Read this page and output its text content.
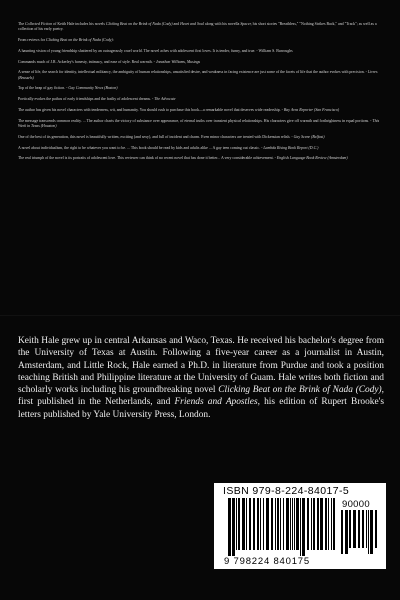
The Collected Fiction of Keith Hale includes his novels Clicking Beat on the Brink of Nada (Cody) and Heart and Soul along with his novella Spacer, his short stories "Breathless," "Nothing Strikes Back," and "Track"; as well as a collection of his early poetry.

From reviews for Clicking Beat on the Brink of Nada (Cody):

A haunting vision of young friendship shattered by an outrageously cruel world. The novel aches with adolescent first loves. It is tender, funny, and true. - William S. Burroughs

Commands much of J.R. Ackerley's honesty, intimacy, and ease of style. Real warmth. - Jonathan Williams, Musings

A sense of life, the search for identity, intellectual militancy, the ambiguity of human relationships, unsatisfied desire, and weakness in facing existence are just some of the facets of life that the author evokes with precision. - Livres (Brussels)

Top of the heap of gay fiction. - Gay Community News (Boston)

Poetically evokes the pathos of early friendships and the frailty of adolescent dreams. - The Advocate

The author has given his novel characters with tenderness, wit, and humanity. You should rush to purchase this book—a remarkable novel that deserves wide readership. - Bay Area Reporter (San Francisco)

The message transcends common reality. ... The author charts the victory of substance over appearance, of eternal truths over transient physical relationships. His characters give off warmth and forthrightness in equal portions. - This Week in Texas (Houston)

One of the best of its generation, this novel is beautifully written, exciting (and sexy), and full of incident and charm. Even minor characters are treated with Dickensian relish. - Gay Scene (Belfast)

A novel about individualism, the right to be whatever you want to be. ... This book should be read by kids and adults alike ... A gay teen coming out classic. - Lambda Rising Book Report (D.C.)

The real triumph of the novel is its portraits of adolescent love. This reviewer can think of no recent novel that has done it better... A very considerable achievement. - English Language Book Review (Amsterdam)

Keith Hale grew up in central Arkansas and Waco, Texas. He received his bachelor's degree from the University of Texas at Austin. Following a five-year career as a journalist in Austin, Amsterdam, and Little Rock, Hale earned a Ph.D. in literature from Purdue and took a position teaching British and Philippine literature at the University of Guam. Hale writes both fiction and scholarly works including his groundbreaking novel Clicking Beat on the Brink of Nada (Cody), first published in the Netherlands, and Friends and Apostles, his edition of Rupert Brooke's letters published by Yale University Press, London.
ISBN 979-8-224-84017-5
90000
9 798224 840175
